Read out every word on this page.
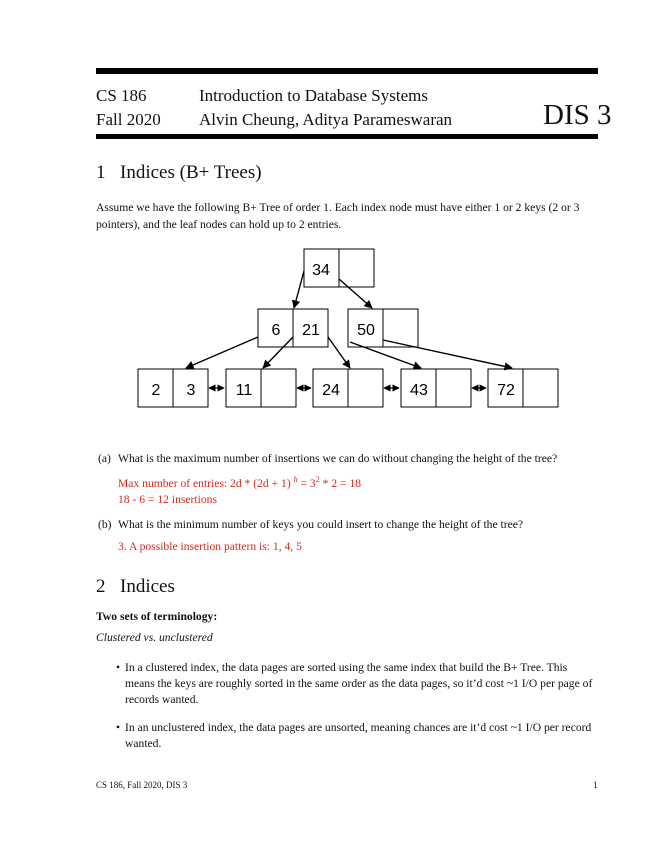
CS 186
Fall 2020
Introduction to Database Systems
Alvin Cheung, Aditya Parameswaran	DIS 3
1 Indices (B+ Trees)
Assume we have the following B+ Tree of order 1. Each index node must have either 1 or 2 keys (2 or 3 pointers), and the leaf nodes can hold up to 2 entries.
34
6 21 50
2 3	11	24	43	72
(a) What is the maximum number of insertions we can do without changing the height of the tree?
Max number of entries: 2d * (2d + 1) $^h = 3^2 * 2 = 18$
18 - 6 = 12 insertions
(b) What is the minimum number of keys you could insert to change the height of the tree?
3. A possible insertion pattern is: 1, 4, 5
2 Indices
Two sets of terminology:
Clustered vs. unclustered
• In a clustered index, the data pages are sorted using the same index that build the B+ Tree. This means the keys are roughly sorted in the same order as the data pages, so it’d cost ~1 I/O per page of records wanted.
• In an unclustered index, the data pages are unsorted, meaning chances are it’d cost ~1 I/O per record wanted.
CS 186, Fall 2020, DIS 3	1
